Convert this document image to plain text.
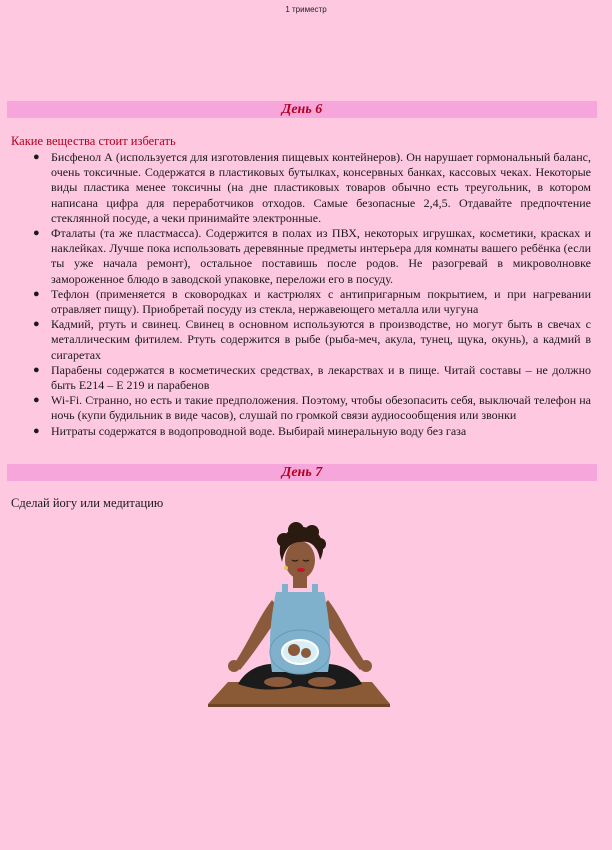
1 триместр
День 6
Какие вещества стоит избегать
● Бисфенол А (используется для изготовления пищевых контейнеров). Он нарушает гормональный баланс, очень токсичные. Содержатся в пластиковых бутылках, консервных банках, кассовых чеках. Некоторые виды пластика менее токсичны (на дне пластиковых товаров обычно есть треугольник, в котором написана цифра для переработчиков отходов. Самые безопасные 2,4,5. Отдавайте предпочтение стеклянной посуде, а чеки принимайте электронные.
● Фталаты (та же пластмасса). Содержится в полах из ПВХ, некоторых игрушках, косметики, красках и наклейках. Лучше пока использовать деревянные предметы интерьера для комнаты вашего ребёнка (если ты уже начала ремонт), остальное поставишь после родов. Не разогревай в микроволновке замороженное блюдо в заводской упаковке, переложи его в посуду.
● Тефлон (применяется в сковородках и кастрюлях с антипригарным покрытием, и при нагревании отравляет пищу). Приобретай посуду из стекла, нержавеющего металла или чугуна
● Кадмий, ртуть и свинец. Свинец в основном используются в производстве, но могут быть в свечах с металлическим фитилем. Ртуть содержится в рыбе (рыба-меч, акула, тунец, щука, окунь), а кадмий в сигаретах
● Парабены содержатся в косметических средствах, в лекарствах и в пище. Читай составы – не должно быть Е214 – Е 219 и парабенов
● Wi-Fi. Странно, но есть и такие предположения. Поэтому, чтобы обезопасить себя, выключай телефон на ночь (купи будильник в виде часов), слушай по громкой связи аудиосообщения или звонки
● Нитраты содержатся в водопроводной воде. Выбирай минеральную воду без газа
День 7
Сделай йогу или медитацию
